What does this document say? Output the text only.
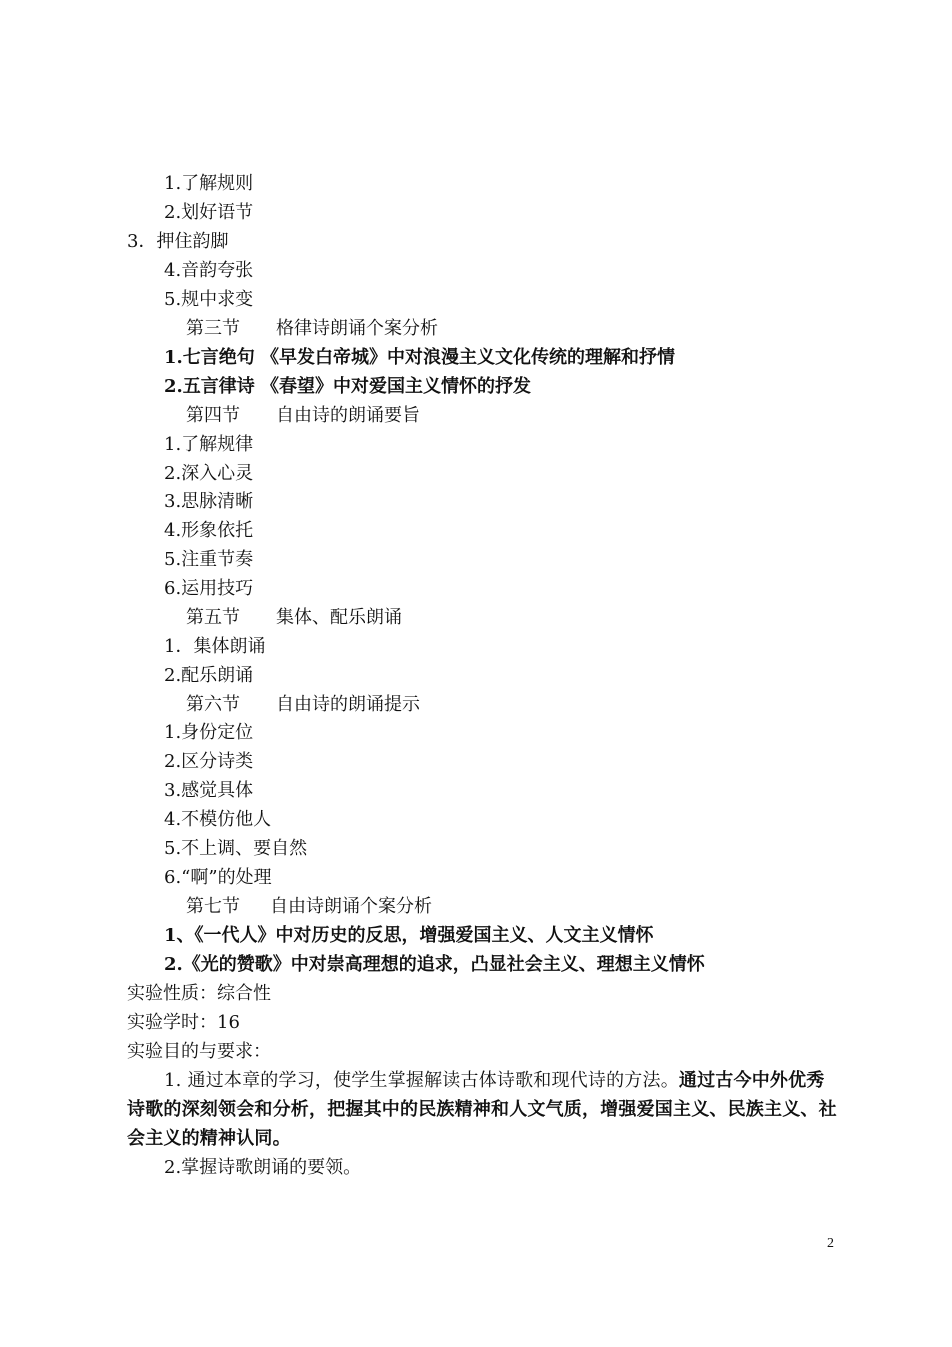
1.了解规则
2.划好语节
3．押住韵脚
4.音韵夸张
5.规中求变
第三节 格律诗朗诵个案分析
1.七言绝句 《早发白帝城》中对浪漫主义文化传统的理解和抒情
2.五言律诗 《春望》中对爱国主义情怀的抒发
第四节 自由诗的朗诵要旨
1.了解规律
2.深入心灵
3.思脉清晰
4.形象依托
5.注重节奏
6.运用技巧
第五节 集体、配乐朗诵
1．集体朗诵
2.配乐朗诵
第六节 自由诗的朗诵提示
1.身份定位
2.区分诗类
3.感觉具体
4.不模仿他人
5.不上调、要自然
6.“啊”的处理
第七节 自由诗朗诵个案分析
1、《一代人》中对历史的反思，增强爱国主义、人文主义情怀
2.《光的赞歌》中对崇高理想的追求，凸显社会主义、理想主义情怀
实验性质：综合性
实验学时：16
实验目的与要求：
1. 通过本章的学习，使学生掌握解读古体诗歌和现代诗的方法。通过古今中外优秀诗歌的深刻领会和分析，把握其中的民族精神和人文气质，增强爱国主义、民族主义、社会主义的精神认同。
2.掌握诗歌朗诵的要领。
2
